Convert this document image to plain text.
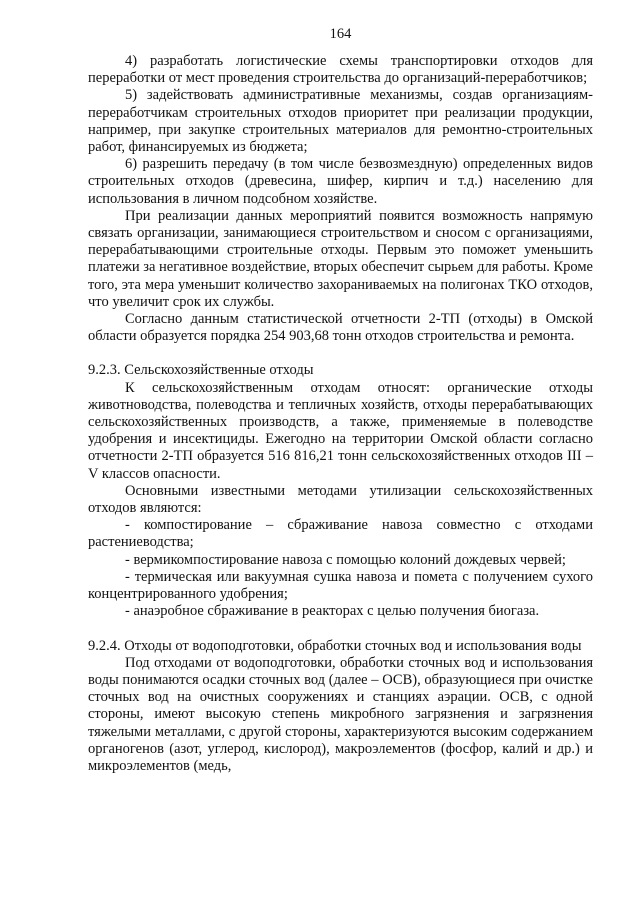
164

4) разработать логистические схемы транспортировки отходов для переработки от мест проведения строительства до организаций-переработчиков;

5) задействовать административные механизмы, создав организациям-переработчикам строительных отходов приоритет при реализации продукции, например, при закупке строительных материалов для ремонтно-строительных работ, финансируемых из бюджета;

6) разрешить передачу (в том числе безвозмездную) определенных видов строительных отходов (древесина, шифер, кирпич и т.д.) населению для использования в личном подсобном хозяйстве.

При реализации данных мероприятий появится возможность напрямую связать организации, занимающиеся строительством и сносом с организациями, перерабатывающими строительные отходы. Первым это поможет уменьшить платежи за негативное воздействие, вторых обеспечит сырьем для работы. Кроме того, эта мера уменьшит количество захораниваемых на полигонах ТКО отходов, что увеличит срок их службы.

Согласно данным статистической отчетности 2-ТП (отходы) в Омской области образуется порядка 254 903,68 тонн отходов строительства и ремонта.

9.2.3. Сельскохозяйственные отходы

К сельскохозяйственным отходам относят: органические отходы животноводства, полеводства и тепличных хозяйств, отходы перерабатывающих сельскохозяйственных производств, а также, применяемые в полеводстве удобрения и инсектициды. Ежегодно на территории Омской области согласно отчетности 2-ТП образуется 516 816,21 тонн сельскохозяйственных отходов III – V классов опасности.

Основными известными методами утилизации сельскохозяйственных отходов являются:

- компостирование – сбраживание навоза совместно с отходами растениеводства;

- вермикомпостирование навоза с помощью колоний дождевых червей;

- термическая или вакуумная сушка навоза и помета с получением сухого концентрированного удобрения;

- анаэробное сбраживание в реакторах с целью получения биогаза.

9.2.4. Отходы от водоподготовки, обработки сточных вод и использования воды

Под отходами от водоподготовки, обработки сточных вод и использования воды понимаются осадки сточных вод (далее – ОСВ), образующиеся при очистке сточных вод на очистных сооружениях и станциях аэрации. ОСВ, с одной стороны, имеют высокую степень микробного загрязнения и загрязнения тяжелыми металлами, с другой стороны, характеризуются высоким содержанием органогенов (азот, углерод, кислород), макроэлементов (фосфор, калий и др.) и микроэлементов (медь,
